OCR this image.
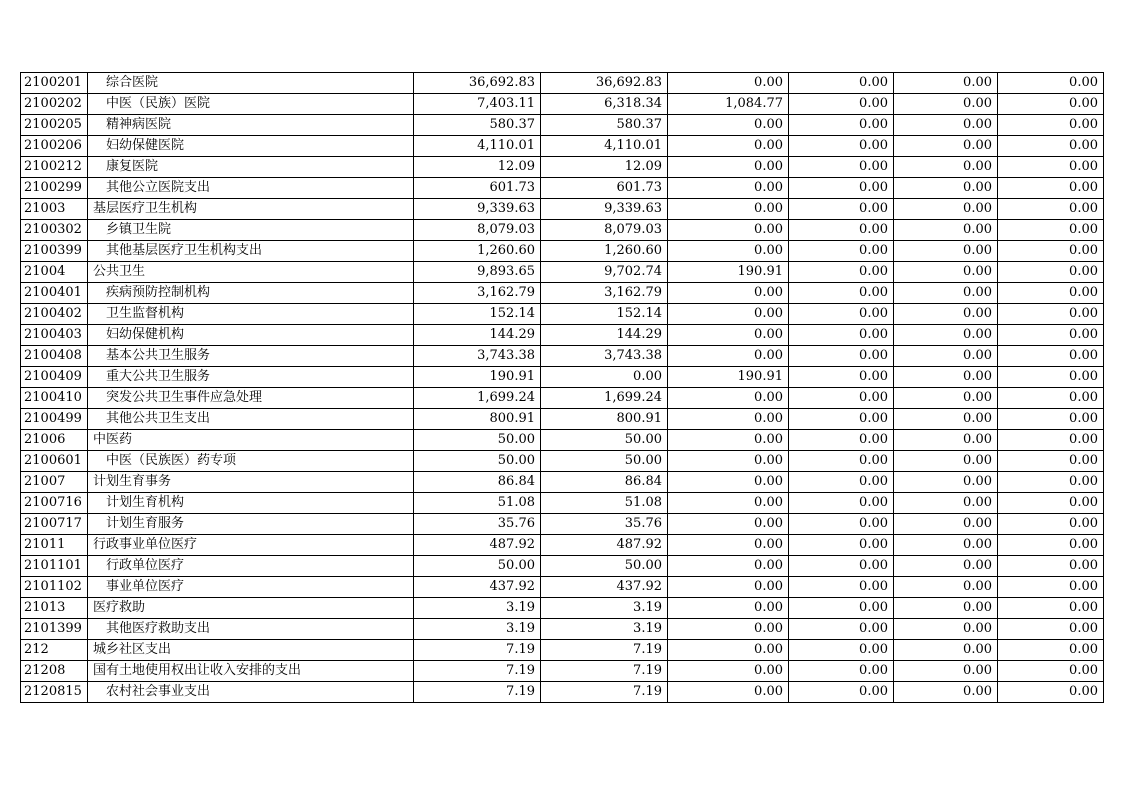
2100201	综合医院	36,692.83	36,692.83	0.00	0.00	0.00	0.00
2100202	中医（民族）医院	7,403.11	6,318.34	1,084.77	0.00	0.00	0.00
2100205	精神病医院	580.37	580.37	0.00	0.00	0.00	0.00
2100206	妇幼保健医院	4,110.01	4,110.01	0.00	0.00	0.00	0.00
2100212	康复医院	12.09	12.09	0.00	0.00	0.00	0.00
2100299	其他公立医院支出	601.73	601.73	0.00	0.00	0.00	0.00
21003	基层医疗卫生机构	9,339.63	9,339.63	0.00	0.00	0.00	0.00
2100302	乡镇卫生院	8,079.03	8,079.03	0.00	0.00	0.00	0.00
2100399	其他基层医疗卫生机构支出	1,260.60	1,260.60	0.00	0.00	0.00	0.00
21004	公共卫生	9,893.65	9,702.74	190.91	0.00	0.00	0.00
2100401	疾病预防控制机构	3,162.79	3,162.79	0.00	0.00	0.00	0.00
2100402	卫生监督机构	152.14	152.14	0.00	0.00	0.00	0.00
2100403	妇幼保健机构	144.29	144.29	0.00	0.00	0.00	0.00
2100408	基本公共卫生服务	3,743.38	3,743.38	0.00	0.00	0.00	0.00
2100409	重大公共卫生服务	190.91	0.00	190.91	0.00	0.00	0.00
2100410	突发公共卫生事件应急处理	1,699.24	1,699.24	0.00	0.00	0.00	0.00
2100499	其他公共卫生支出	800.91	800.91	0.00	0.00	0.00	0.00
21006	中医药	50.00	50.00	0.00	0.00	0.00	0.00
2100601	中医（民族医）药专项	50.00	50.00	0.00	0.00	0.00	0.00
21007	计划生育事务	86.84	86.84	0.00	0.00	0.00	0.00
2100716	计划生育机构	51.08	51.08	0.00	0.00	0.00	0.00
2100717	计划生育服务	35.76	35.76	0.00	0.00	0.00	0.00
21011	行政事业单位医疗	487.92	487.92	0.00	0.00	0.00	0.00
2101101	行政单位医疗	50.00	50.00	0.00	0.00	0.00	0.00
2101102	事业单位医疗	437.92	437.92	0.00	0.00	0.00	0.00
21013	医疗救助	3.19	3.19	0.00	0.00	0.00	0.00
2101399	其他医疗救助支出	3.19	3.19	0.00	0.00	0.00	0.00
212	城乡社区支出	7.19	7.19	0.00	0.00	0.00	0.00
21208	国有土地使用权出让收入安排的支出	7.19	7.19	0.00	0.00	0.00	0.00
2120815	农村社会事业支出	7.19	7.19	0.00	0.00	0.00	0.00
